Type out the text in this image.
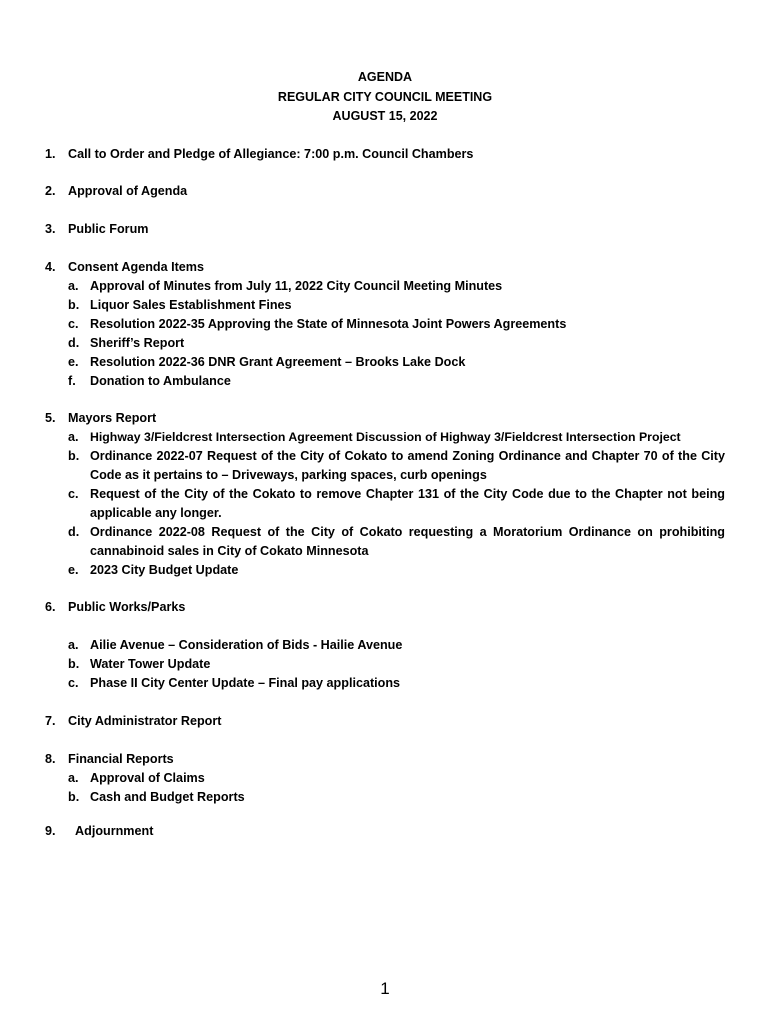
AGENDA
REGULAR CITY COUNCIL MEETING
AUGUST 15, 2022
1. Call to Order and Pledge of Allegiance: 7:00 p.m. Council Chambers
2. Approval of Agenda
3. Public Forum
4. Consent Agenda Items
a. Approval of Minutes from July 11, 2022 City Council Meeting Minutes
b. Liquor Sales Establishment Fines
c. Resolution 2022-35 Approving the State of Minnesota Joint Powers Agreements
d. Sheriff’s Report
e. Resolution 2022-36 DNR Grant Agreement – Brooks Lake Dock
f. Donation to Ambulance
5. Mayors Report
a. Highway 3/Fieldcrest Intersection Agreement Discussion of Highway 3/Fieldcrest Intersection Project
b. Ordinance 2022-07 Request of the City of Cokato to amend Zoning Ordinance and Chapter 70 of the City Code as it pertains to – Driveways, parking spaces, curb openings
c. Request of the City of the Cokato to remove Chapter 131 of the City Code due to the Chapter not being applicable any longer.
d. Ordinance 2022-08 Request of the City of Cokato requesting a Moratorium Ordinance on prohibiting cannabinoid sales in City of Cokato Minnesota
e. 2023 City Budget Update
6. Public Works/Parks
a. Ailie Avenue – Consideration of Bids - Hailie Avenue
b. Water Tower Update
c. Phase II City Center Update – Final pay applications
7. City Administrator Report
8. Financial Reports
a. Approval of Claims
b. Cash and Budget Reports
9. Adjournment
1
